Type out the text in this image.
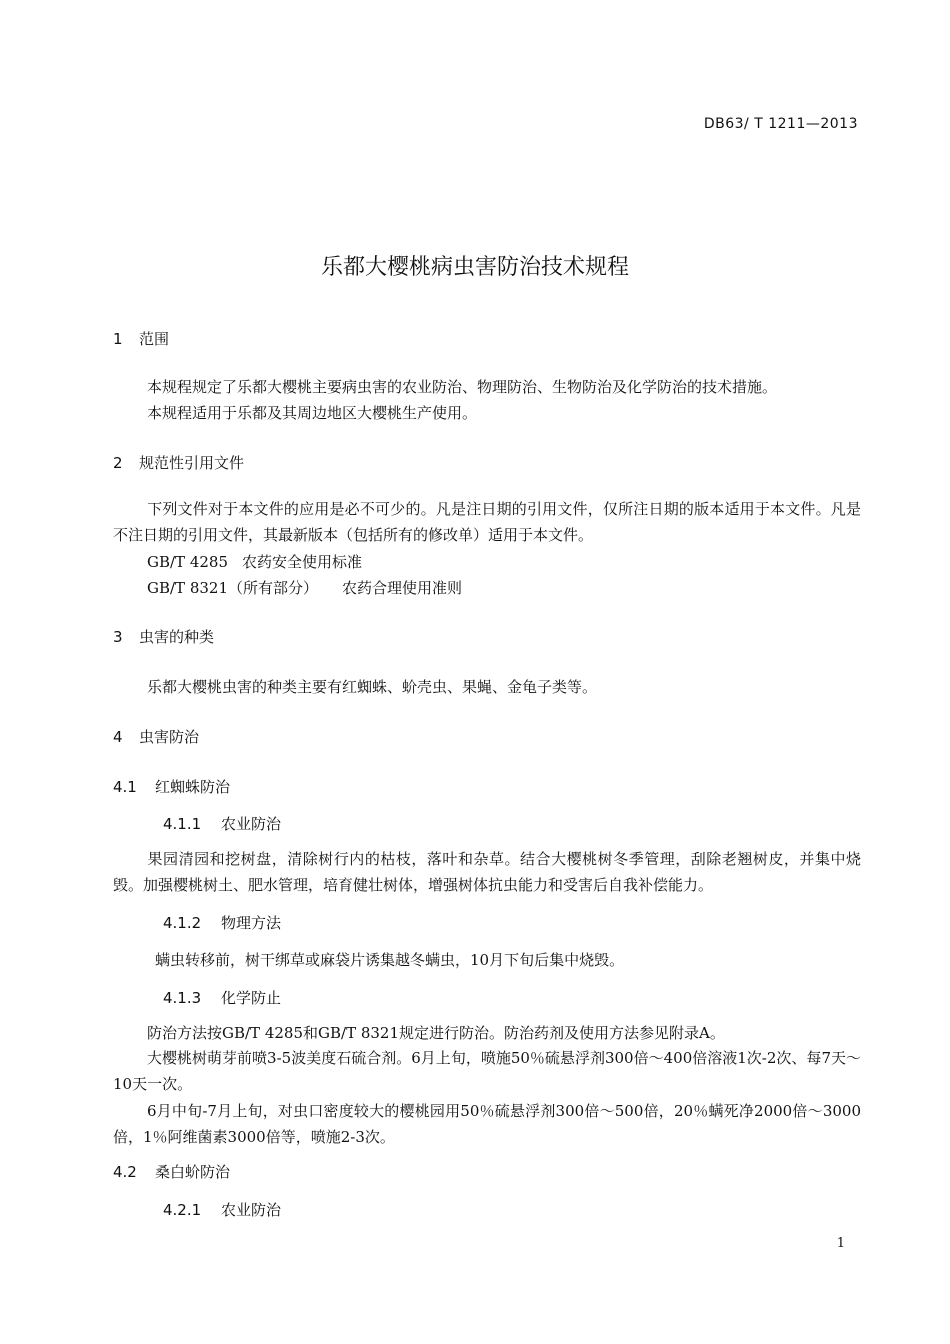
DB63/ T 1211—2013
乐都大樱桃病虫害防治技术规程
1 范围
本规程规定了乐都大樱桃主要病虫害的农业防治、物理防治、生物防治及化学防治的技术措施。
本规程适用于乐都及其周边地区大樱桃生产使用。
2 规范性引用文件
下列文件对于本文件的应用是必不可少的。凡是注日期的引用文件，仅所注日期的版本适用于本文件。凡是不注日期的引用文件，其最新版本（包括所有的修改单）适用于本文件。
GB/T 4285 农药安全使用标准
GB/T 8321（所有部分） 农药合理使用准则
3 虫害的种类
乐都大樱桃虫害的种类主要有红蜘蛛、蚧壳虫、果蝇、金龟子类等。
4 虫害防治
4.1 红蜘蛛防治
4.1.1 农业防治
果园清园和挖树盘，清除树行内的枯枝，落叶和杂草。结合大樱桃树冬季管理，刮除老翘树皮，并集中烧毁。加强樱桃树土、肥水管理，培育健壮树体，增强树体抗虫能力和受害后自我补偿能力。
4.1.2 物理方法
螨虫转移前，树干绑草或麻袋片诱集越冬螨虫，10月下旬后集中烧毁。
4.1.3 化学防止
防治方法按GB/T 4285和GB/T 8321规定进行防治。防治药剂及使用方法参见附录A。
大樱桃树萌芽前喷3-5波美度石硫合剂。6月上旬，喷施50％硫悬浮剂300倍～400倍溶液1次-2次、每7天～10天一次。
6月中旬-7月上旬，对虫口密度较大的樱桃园用50％硫悬浮剂300倍～500倍，20％螨死净2000倍～3000倍，1％阿维菌素3000倍等，喷施2-3次。
4.2 桑白蚧防治
4.2.1 农业防治
1
